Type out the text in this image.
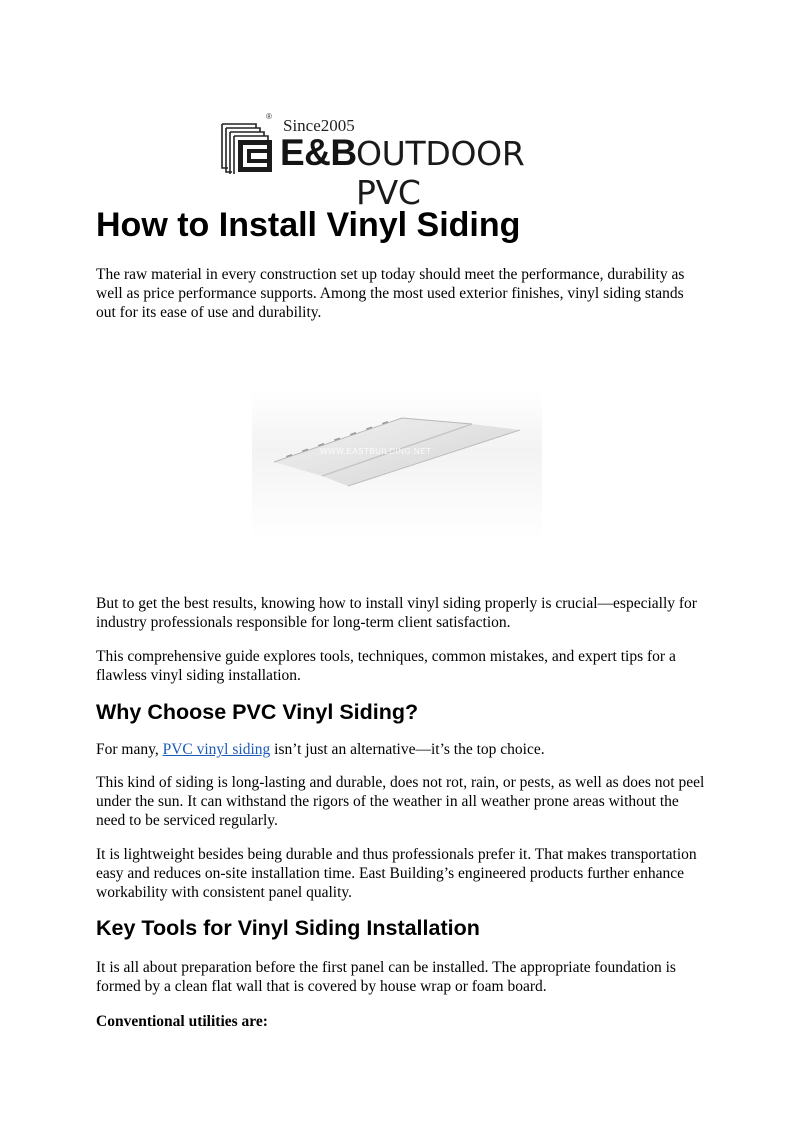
® Since2005
E&B OUTDOOR PVC
How to Install Vinyl Siding

The raw material in every construction set up today should meet the performance, durability as well as price performance supports. Among the most used exterior finishes, vinyl siding stands out for its ease of use and durability.

WWW.EASTBUILDING.NET

But to get the best results, knowing how to install vinyl siding properly is crucial—especially for industry professionals responsible for long-term client satisfaction.

This comprehensive guide explores tools, techniques, common mistakes, and expert tips for a flawless vinyl siding installation.

Why Choose PVC Vinyl Siding?

For many, PVC vinyl siding isn’t just an alternative—it’s the top choice.

This kind of siding is long-lasting and durable, does not rot, rain, or pests, as well as does not peel under the sun. It can withstand the rigors of the weather in all weather prone areas without the need to be serviced regularly.

It is lightweight besides being durable and thus professionals prefer it. That makes transportation easy and reduces on-site installation time. East Building’s engineered products further enhance workability with consistent panel quality.

Key Tools for Vinyl Siding Installation

It is all about preparation before the first panel can be installed. The appropriate foundation is formed by a clean flat wall that is covered by house wrap or foam board.

Conventional utilities are:
